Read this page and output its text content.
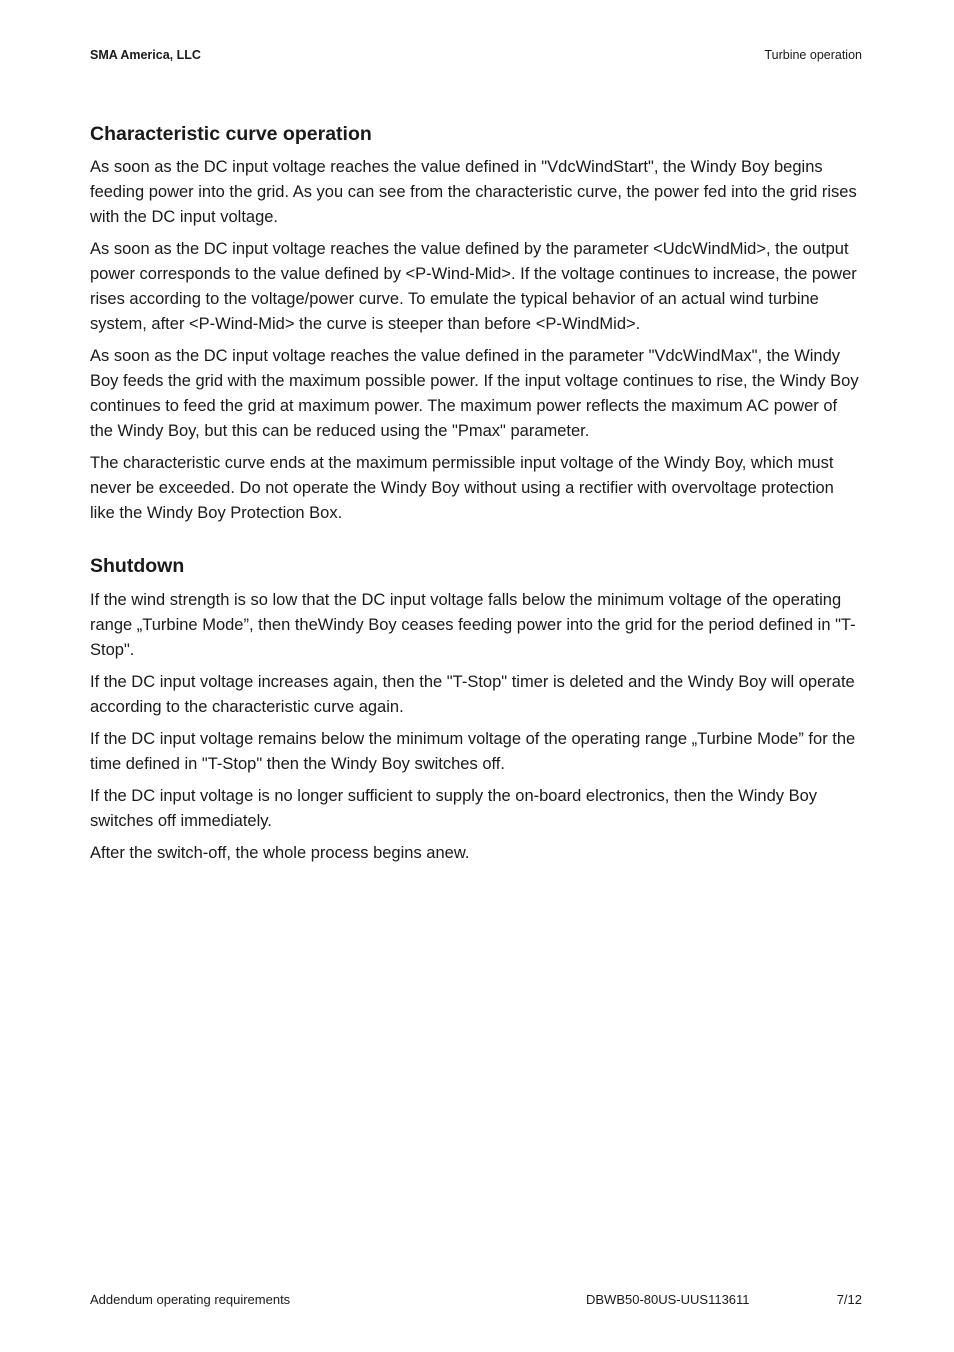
SMA America, LLC	Turbine operation
Characteristic curve operation

As soon as the DC input voltage reaches the value defined in "VdcWindStart", the Windy Boy begins feeding power into the grid. As you can see from the characteristic curve, the power fed into the grid rises with the DC input voltage.

As soon as the DC input voltage reaches the value defined by the parameter <UdcWindMid>, the output power corresponds to the value defined by <P-Wind-Mid>. If the voltage continues to increase, the power rises according to the voltage/power curve. To emulate the typical behavior of an actual wind turbine system, after <P-Wind-Mid> the curve is steeper than before <P-WindMid>.

As soon as the DC input voltage reaches the value defined in the parameter "VdcWindMax", the Windy Boy feeds the grid with the maximum possible power. If the input voltage continues to rise, the Windy Boy continues to feed the grid at maximum power. The maximum power reflects the maximum AC power of the Windy Boy, but this can be reduced using the "Pmax" parameter.

The characteristic curve ends at the maximum permissible input voltage of the Windy Boy, which must never be exceeded. Do not operate the Windy Boy without using a rectifier with overvoltage protection like the Windy Boy Protection Box.

Shutdown

If the wind strength is so low that the DC input voltage falls below the minimum voltage of the operating range „Turbine Mode”, then theWindy Boy ceases feeding power into the grid for the period defined in "T-Stop".

If the DC input voltage increases again, then the "T-Stop" timer is deleted and the Windy Boy will operate according to the characteristic curve again.

If the DC input voltage remains below the minimum voltage of the operating range „Turbine Mode” for the time defined in "T-Stop" then the Windy Boy switches off.

If the DC input voltage is no longer sufficient to supply the on-board electronics, then the Windy Boy switches off immediately.

After the switch-off, the whole process begins anew.

Addendum operating requirements	DBWB50-80US-UUS113611	7/12
